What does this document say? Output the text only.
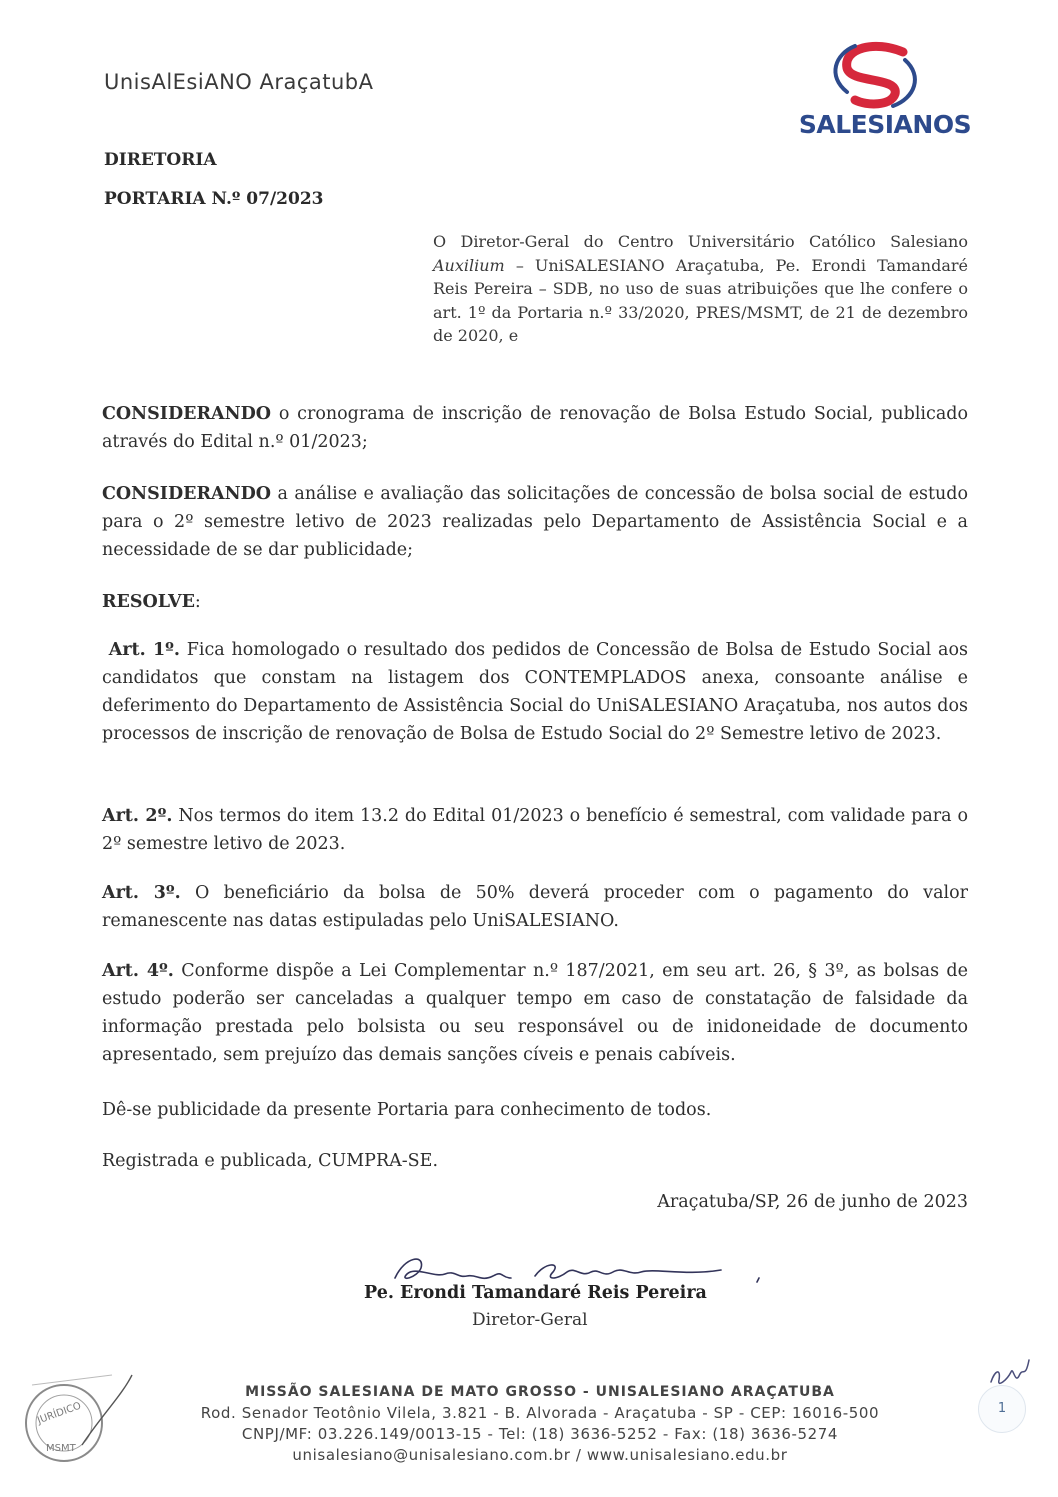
UnisAlEsiANO AraçatubA
SALESIANOS
DIRETORIA
PORTARIA N.º 07/2023
O Diretor-Geral do Centro Universitário Católico Salesiano Auxilium – UniSALESIANO Araçatuba, Pe. Erondi Tamandaré Reis Pereira – SDB, no uso de suas atribuições que lhe confere o art. 1º da Portaria n.º 33/2020, PRES/MSMT, de 21 de dezembro de 2020, e
CONSIDERANDO o cronograma de inscrição de renovação de Bolsa Estudo Social, publicado através do Edital n.º 01/2023;
CONSIDERANDO a análise e avaliação das solicitações de concessão de bolsa social de estudo para o 2º semestre letivo de 2023 realizadas pelo Departamento de Assistência Social e a necessidade de se dar publicidade;
RESOLVE:
Art. 1º. Fica homologado o resultado dos pedidos de Concessão de Bolsa de Estudo Social aos candidatos que constam na listagem dos CONTEMPLADOS anexa, consoante análise e deferimento do Departamento de Assistência Social do UniSALESIANO Araçatuba, nos autos dos processos de inscrição de renovação de Bolsa de Estudo Social do 2º Semestre letivo de 2023.
Art. 2º. Nos termos do item 13.2 do Edital 01/2023 o benefício é semestral, com validade para o 2º semestre letivo de 2023.
Art. 3º. O beneficiário da bolsa de 50% deverá proceder com o pagamento do valor remanescente nas datas estipuladas pelo UniSALESIANO.
Art. 4º. Conforme dispõe a Lei Complementar n.º 187/2021, em seu art. 26, § 3º, as bolsas de estudo poderão ser canceladas a qualquer tempo em caso de constatação de falsidade da informação prestada pelo bolsista ou seu responsável ou de inidoneidade de documento apresentado, sem prejuízo das demais sanções cíveis e penais cabíveis.
Dê-se publicidade da presente Portaria para conhecimento de todos.
Registrada e publicada, CUMPRA-SE.
Araçatuba/SP, 26 de junho de 2023
Pe. Erondi Tamandaré Reis Pereira
Diretor-Geral
JURÍDICO
MSMT
MISSÃO SALESIANA DE MATO GROSSO - UNISALESIANO ARAÇATUBA
Rod. Senador Teotônio Vilela, 3.821 - B. Alvorada - Araçatuba - SP - CEP: 16016-500
CNPJ/MF: 03.226.149/0013-15 - Tel: (18) 3636-5252 - Fax: (18) 3636-5274
unisalesiano@unisalesiano.com.br / www.unisalesiano.edu.br
1
